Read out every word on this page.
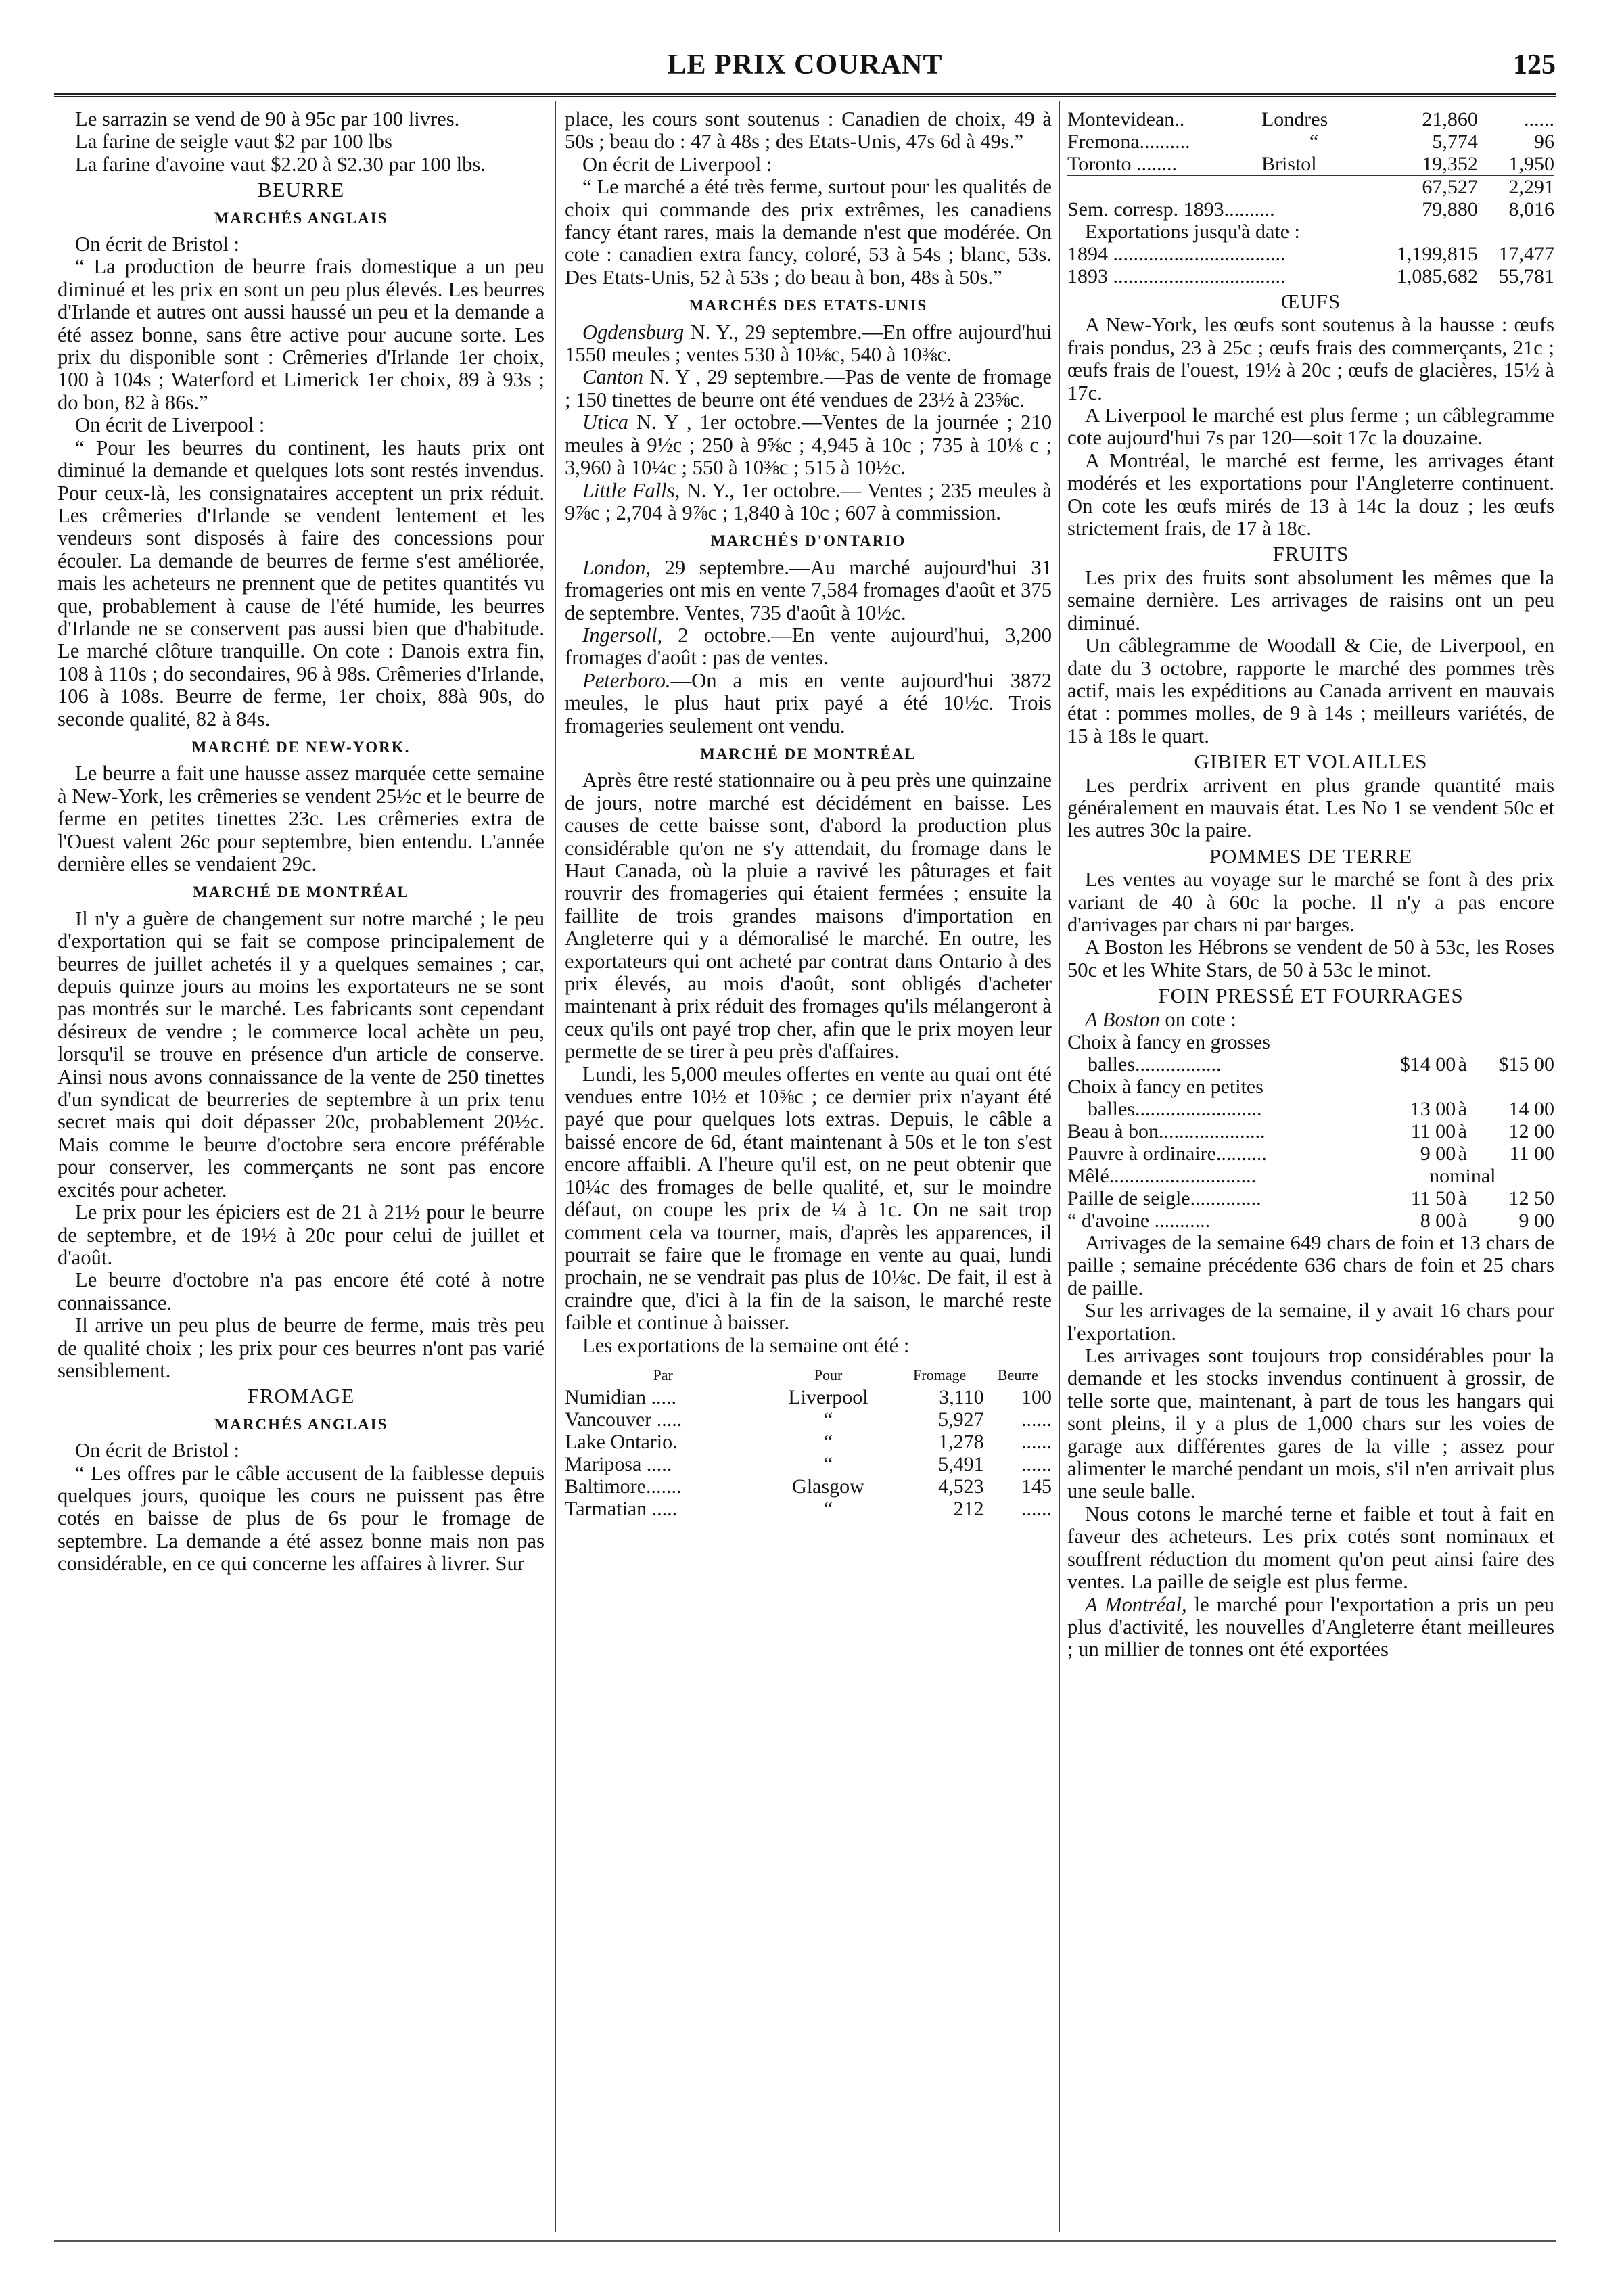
LE PRIX COURANT	125

Le sarrazin se vend de 90 à 95c par 100 livres.

La farine de seigle vaut $2 par 100 lbs

La farine d'avoine vaut $2.20 à $2.30 par 100 lbs.

BEURRE
MARCHÉS ANGLAIS

On écrit de Bristol :

“ La production de beurre frais domestique a un peu diminué et les prix en sont un peu plus élevés. Les beurres d'Irlande et autres ont aussi haussé un peu et la demande a été assez bonne, sans être active pour aucune sorte. Les prix du disponible sont : Crêmeries d'Irlande 1er choix, 100 à 104s ; Waterford et Limerick 1er choix, 89 à 93s ; do bon, 82 à 86s.”

On écrit de Liverpool :

“ Pour les beurres du continent, les hauts prix ont diminué la demande et quelques lots sont restés invendus. Pour ceux-là, les consignataires acceptent un prix réduit. Les crêmeries d'Irlande se vendent lentement et les vendeurs sont disposés à faire des concessions pour écouler. La demande de beurres de ferme s'est améliorée, mais les acheteurs ne prennent que de petites quantités vu que, probablement à cause de l'été humide, les beurres d'Irlande ne se conservent pas aussi bien que d'habitude. Le marché clôture tranquille. On cote : Danois extra fin, 108 à 110s ; do secondaires, 96 à 98s. Crêmeries d'Irlande, 106 à 108s. Beurre de ferme, 1er choix, 88à 90s, do seconde qualité, 82 à 84s.

MARCHÉ DE NEW-YORK.

Le beurre a fait une hausse assez marquée cette semaine à New-York, les crêmeries se vendent 25½c et le beurre de ferme en petites tinettes 23c. Les crêmeries extra de l'Ouest valent 26c pour septembre, bien entendu. L'année dernière elles se vendaient 29c.

MARCHÉ DE MONTRÉAL

Il n'y a guère de changement sur notre marché ; le peu d'exportation qui se fait se compose principalement de beurres de juillet achetés il y a quelques semaines ; car, depuis quinze jours au moins les exportateurs ne se sont pas montrés sur le marché. Les fabricants sont cependant désireux de vendre ; le commerce local achète un peu, lorsqu'il se trouve en présence d'un article de conserve. Ainsi nous avons connaissance de la vente de 250 tinettes d'un syndicat de beurreries de septembre à un prix tenu secret mais qui doit dépasser 20c, probablement 20½c. Mais comme le beurre d'octobre sera encore préférable pour conserver, les commerçants ne sont pas encore excités pour acheter.

Le prix pour les épiciers est de 21 à 21½ pour le beurre de septembre, et de 19½ à 20c pour celui de juillet et d'août.

Le beurre d'octobre n'a pas encore été coté à notre connaissance.

Il arrive un peu plus de beurre de ferme, mais très peu de qualité choix ; les prix pour ces beurres n'ont pas varié sensiblement.

FROMAGE
MARCHÉS ANGLAIS

On écrit de Bristol :

“ Les offres par le câble accusent de la faiblesse depuis quelques jours, quoique les cours ne puissent pas être cotés en baisse de plus de 6s pour le fromage de septembre. La demande a été assez bonne mais non pas considérable, en ce qui concerne les affaires à livrer. Sur

place, les cours sont soutenus : Canadien de choix, 49 à 50s ; beau do : 47 à 48s ; des Etats-Unis, 47s 6d à 49s.”

On écrit de Liverpool :

“ Le marché a été très ferme, surtout pour les qualités de choix qui commande des prix extrêmes, les canadiens fancy étant rares, mais la demande n'est que modérée. On cote : canadien extra fancy, coloré, 53 à 54s ; blanc, 53s. Des Etats-Unis, 52 à 53s ; do beau à bon, 48s à 50s.”

MARCHÉS DES ETATS-UNIS

Ogdensburg N. Y., 29 septembre.—En offre aujourd'hui 1550 meules ; ventes 530 à 10⅛c, 540 à 10⅜c.

Canton N. Y , 29 septembre.—Pas de vente de fromage ; 150 tinettes de beurre ont été vendues de 23½ à 23⅝c.

Utica N. Y , 1er octobre.—Ventes de la journée ; 210 meules à 9½c ; 250 à 9⅝c ; 4,945 à 10c ; 735 à 10⅛ c ; 3,960 à 10¼c ; 550 à 10⅜c ; 515 à 10½c.

Little Falls, N. Y., 1er octobre.— Ventes ; 235 meules à 9⅞c ; 2,704 à 9⅞c ; 1,840 à 10c ; 607 à commission.

MARCHÉS D'ONTARIO

London, 29 septembre.—Au marché aujourd'hui 31 fromageries ont mis en vente 7,584 fromages d'août et 375 de septembre. Ventes, 735 d'août à 10½c.

Ingersoll, 2 octobre.—En vente aujourd'hui, 3,200 fromages d'août : pas de ventes.

Peterboro.—On a mis en vente aujourd'hui 3872 meules, le plus haut prix payé a été 10½c. Trois fromageries seulement ont vendu.

MARCHÉ DE MONTRÉAL

Après être resté stationnaire ou à peu près une quinzaine de jours, notre marché est décidément en baisse. Les causes de cette baisse sont, d'abord la production plus considérable qu'on ne s'y attendait, du fromage dans le Haut Canada, où la pluie a ravivé les pâturages et fait rouvrir des fromageries qui étaient fermées ; ensuite la faillite de trois grandes maisons d'importation en Angleterre qui y a démoralisé le marché. En outre, les exportateurs qui ont acheté par contrat dans Ontario à des prix élevés, au mois d'août, sont obligés d'acheter maintenant à prix réduit des fromages qu'ils mélangeront à ceux qu'ils ont payé trop cher, afin que le prix moyen leur permette de se tirer à peu près d'affaires.

Lundi, les 5,000 meules offertes en vente au quai ont été vendues entre 10½ et 10⅝c ; ce dernier prix n'ayant été payé que pour quelques lots extras. Depuis, le câble a baissé encore de 6d, étant maintenant à 50s et le ton s'est encore affaibli. A l'heure qu'il est, on ne peut obtenir que 10¼c des fromages de belle qualité, et, sur le moindre défaut, on coupe les prix de ¼ à 1c. On ne sait trop comment cela va tourner, mais, d'après les apparences, il pourrait se faire que le fromage en vente au quai, lundi prochain, ne se vendrait pas plus de 10⅛c. De fait, il est à craindre que, d'ici à la fin de la saison, le marché reste faible et continue à baisser.

Les exportations de la semaine ont été :

Par	Pour	Fromage	Beurre
Numidian .....	Liverpool	3,110	100
Vancouver .....	“	5,927	......
Lake Ontario.	“	1,278	......
Mariposa .....	“	5,491	......
Baltimore.......	Glasgow	4,523	145
Tarmatian .....	“	212	......
Montevidean..	Londres	21,860	......
Fremona..........	“	5,774	96
Toronto ........	Bristol	19,352	1,950
		67,527	2,291
Sem. corresp. 1893..........		79,880	8,016
Exportations jusqu'à date :			
1894 ..................................		1,199,815	17,477
1893 ..................................		1,085,682	55,781
ŒUFS

A New-York, les œufs sont soutenus à la hausse : œufs frais pondus, 23 à 25c ; œufs frais des commerçants, 21c ; œufs frais de l'ouest, 19½ à 20c ; œufs de glacières, 15½ à 17c.

A Liverpool le marché est plus ferme ; un câblegramme cote aujourd'hui 7s par 120—soit 17c la douzaine.

A Montréal, le marché est ferme, les arrivages étant modérés et les exportations pour l'Angleterre continuent. On cote les œufs mirés de 13 à 14c la douz ; les œufs strictement frais, de 17 à 18c.

FRUITS

Les prix des fruits sont absolument les mêmes que la semaine dernière. Les arrivages de raisins ont un peu diminué.

Un câblegramme de Woodall & Cie, de Liverpool, en date du 3 octobre, rapporte le marché des pommes très actif, mais les expéditions au Canada arrivent en mauvais état : pommes molles, de 9 à 14s ; meilleurs variétés, de 15 à 18s le quart.

GIBIER ET VOLAILLES

Les perdrix arrivent en plus grande quantité mais généralement en mauvais état. Les No 1 se vendent 50c et les autres 30c la paire.

POMMES DE TERRE

Les ventes au voyage sur le marché se font à des prix variant de 40 à 60c la poche. Il n'y a pas encore d'arrivages par chars ni par barges.

A Boston les Hébrons se vendent de 50 à 53c, les Roses 50c et les White Stars, de 50 à 53c le minot.

FOIN PRESSÉ ET FOURRAGES

A Boston on cote :

Choix à fancy en grosses			
balles.................	$14 00	à	$15 00
Choix à fancy en petites			
balles.........................	13 00	à	14 00
Beau à bon.....................	11 00	à	12 00
Pauvre à ordinaire..........	9 00	à	11 00
Mêlé.............................	nominal		
Paille de seigle..............	11 50	à	12 50
“ d'avoine ...........	8 00	à	9 00

Arrivages de la semaine 649 chars de foin et 13 chars de paille ; semaine précédente 636 chars de foin et 25 chars de paille.

Sur les arrivages de la semaine, il y avait 16 chars pour l'exportation.

Les arrivages sont toujours trop considérables pour la demande et les stocks invendus continuent à grossir, de telle sorte que, maintenant, à part de tous les hangars qui sont pleins, il y a plus de 1,000 chars sur les voies de garage aux différentes gares de la ville ; assez pour alimenter le marché pendant un mois, s'il n'en arrivait plus une seule balle.

Nous cotons le marché terne et faible et tout à fait en faveur des acheteurs. Les prix cotés sont nominaux et souffrent réduction du moment qu'on peut ainsi faire des ventes. La paille de seigle est plus ferme.

A Montréal, le marché pour l'exportation a pris un peu plus d'activité, les nouvelles d'Angleterre étant meilleures ; un millier de tonnes ont été exportées
